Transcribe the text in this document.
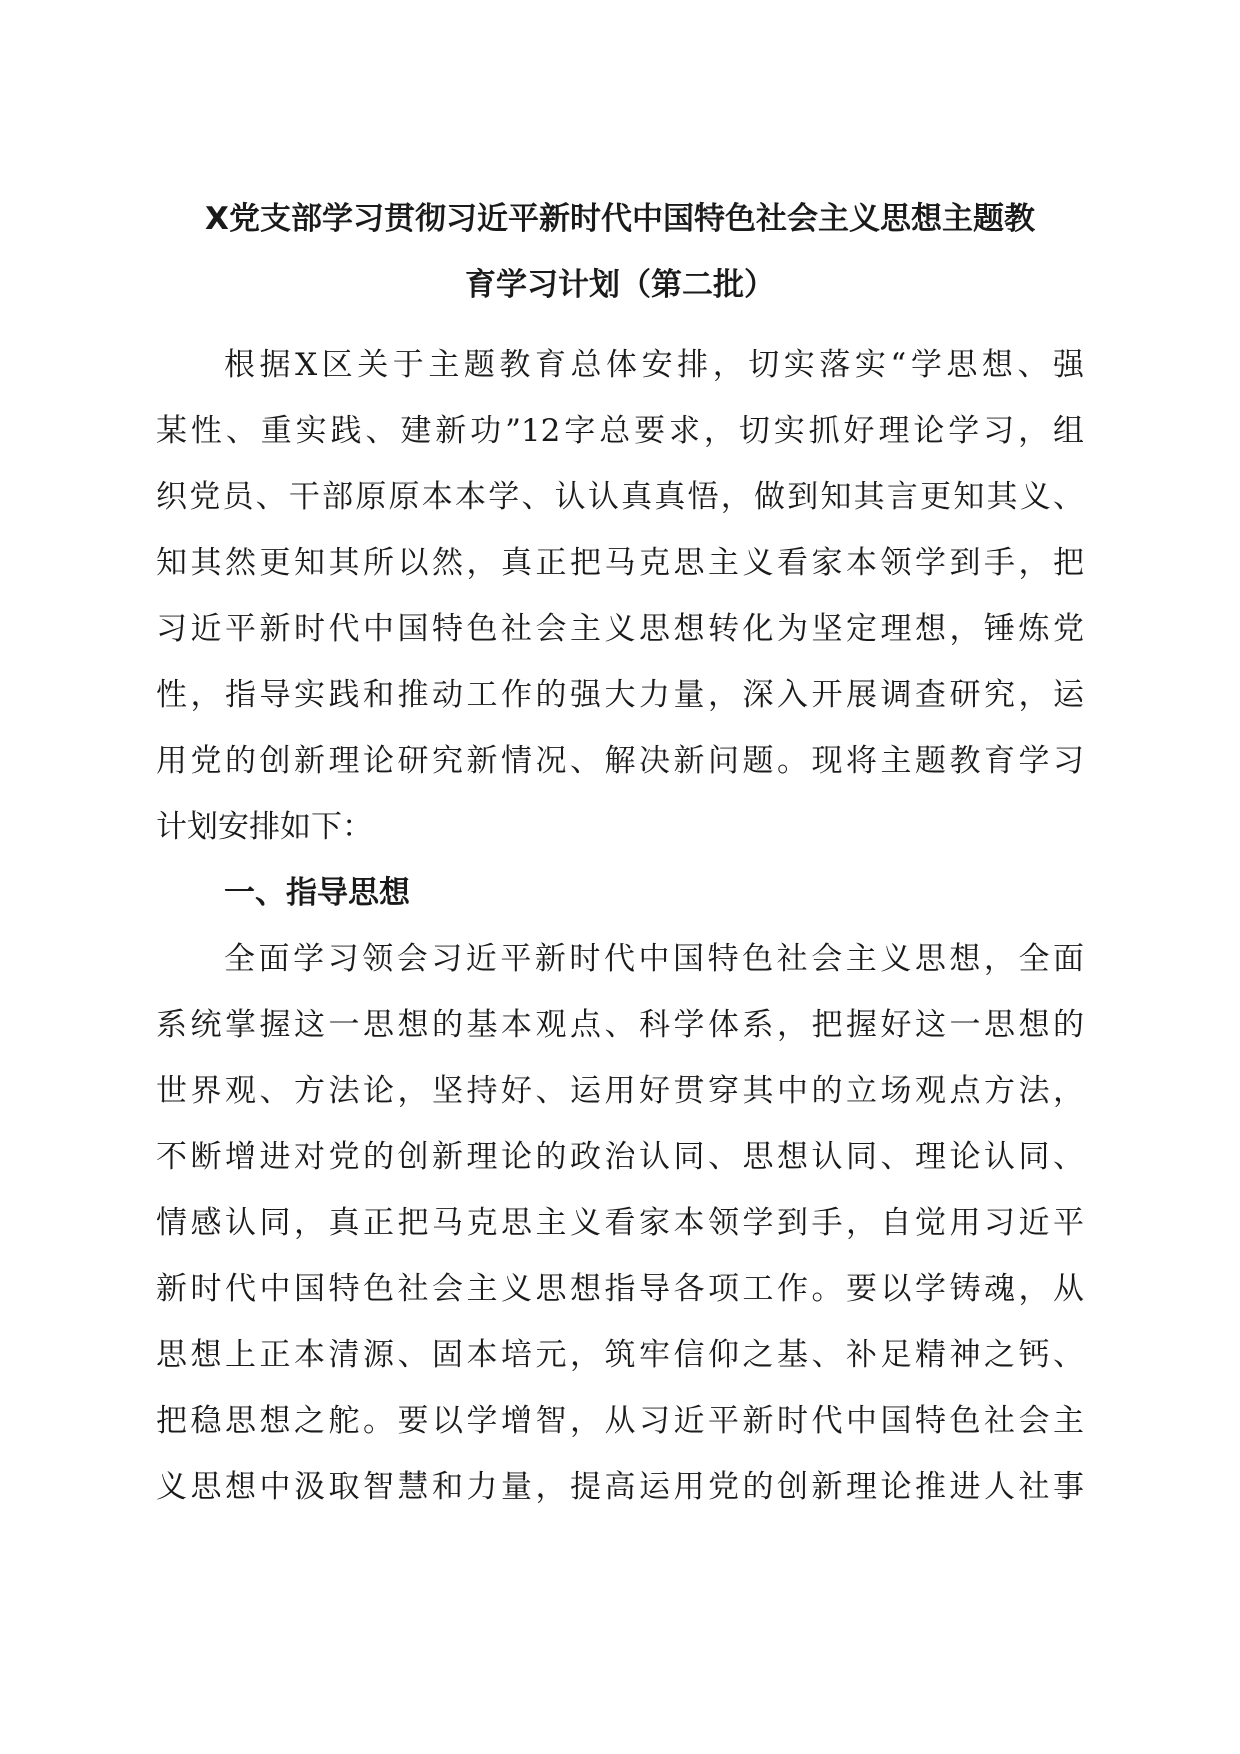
X党支部学习贯彻习近平新时代中国特色社会主义思想主题教
育学习计划（第二批）
根据X区关于主题教育总体安排，切实落实“学思想、强
某性、重实践、建新功”12字总要求，切实抓好理论学习，组
织党员、干部原原本本学、认认真真悟，做到知其言更知其义、
知其然更知其所以然，真正把马克思主义看家本领学到手，把
习近平新时代中国特色社会主义思想转化为坚定理想，锤炼党
性，指导实践和推动工作的强大力量，深入开展调查研究，运
用党的创新理论研究新情况、解决新问题。现将主题教育学习
计划安排如下：
一、指导思想
全面学习领会习近平新时代中国特色社会主义思想，全面
系统掌握这一思想的基本观点、科学体系，把握好这一思想的
世界观、方法论，坚持好、运用好贯穿其中的立场观点方法，
不断增进对党的创新理论的政治认同、思想认同、理论认同、
情感认同，真正把马克思主义看家本领学到手，自觉用习近平
新时代中国特色社会主义思想指导各项工作。要以学铸魂，从
思想上正本清源、固本培元，筑牢信仰之基、补足精神之钙、
把稳思想之舵。要以学增智，从习近平新时代中国特色社会主
义思想中汲取智慧和力量，提高运用党的创新理论推进人社事
